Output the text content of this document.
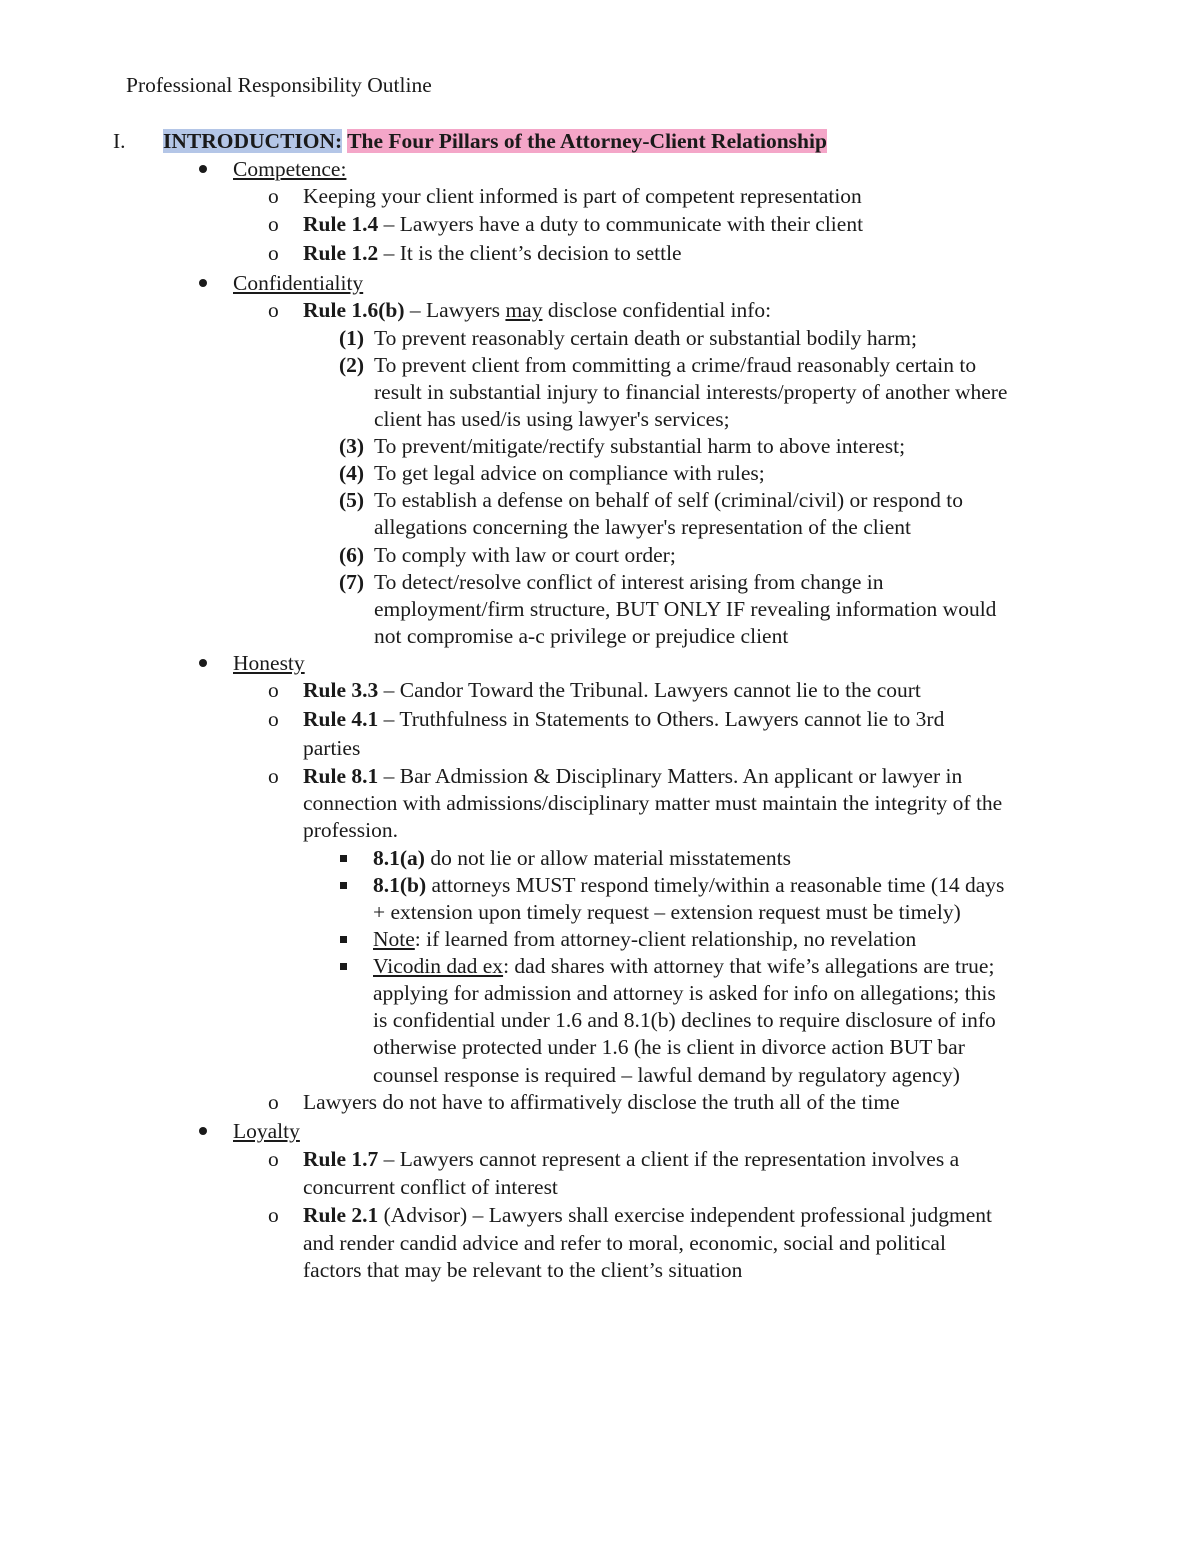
Professional Responsibility Outline
I. INTRODUCTION: The Four Pillars of the Attorney-Client Relationship
Competence:
o Keeping your client informed is part of competent representation
o Rule 1.4 – Lawyers have a duty to communicate with their client
o Rule 1.2 – It is the client’s decision to settle
Confidentiality
o Rule 1.6(b) – Lawyers may disclose confidential info:
(1) To prevent reasonably certain death or substantial bodily harm;
(2) To prevent client from committing a crime/fraud reasonably certain to
result in substantial injury to financial interests/property of another where
client has used/is using lawyer's services;
(3) To prevent/mitigate/rectify substantial harm to above interest;
(4) To get legal advice on compliance with rules;
(5) To establish a defense on behalf of self (criminal/civil) or respond to
allegations concerning the lawyer's representation of the client
(6) To comply with law or court order;
(7) To detect/resolve conflict of interest arising from change in
employment/firm structure, BUT ONLY IF revealing information would
not compromise a-c privilege or prejudice client
Honesty
o Rule 3.3 – Candor Toward the Tribunal. Lawyers cannot lie to the court
o Rule 4.1 – Truthfulness in Statements to Others. Lawyers cannot lie to 3rd
parties
o Rule 8.1 – Bar Admission & Disciplinary Matters. An applicant or lawyer in
connection with admissions/disciplinary matter must maintain the integrity of the
profession.
8.1(a) do not lie or allow material misstatements
8.1(b) attorneys MUST respond timely/within a reasonable time (14 days
+ extension upon timely request – extension request must be timely)
Note: if learned from attorney-client relationship, no revelation
Vicodin dad ex: dad shares with attorney that wife’s allegations are true;
applying for admission and attorney is asked for info on allegations; this
is confidential under 1.6 and 8.1(b) declines to require disclosure of info
otherwise protected under 1.6 (he is client in divorce action BUT bar
counsel response is required – lawful demand by regulatory agency)
o Lawyers do not have to affirmatively disclose the truth all of the time
Loyalty
o Rule 1.7 – Lawyers cannot represent a client if the representation involves a
concurrent conflict of interest
o Rule 2.1 (Advisor) – Lawyers shall exercise independent professional judgment
and render candid advice and refer to moral, economic, social and political
factors that may be relevant to the client’s situation
